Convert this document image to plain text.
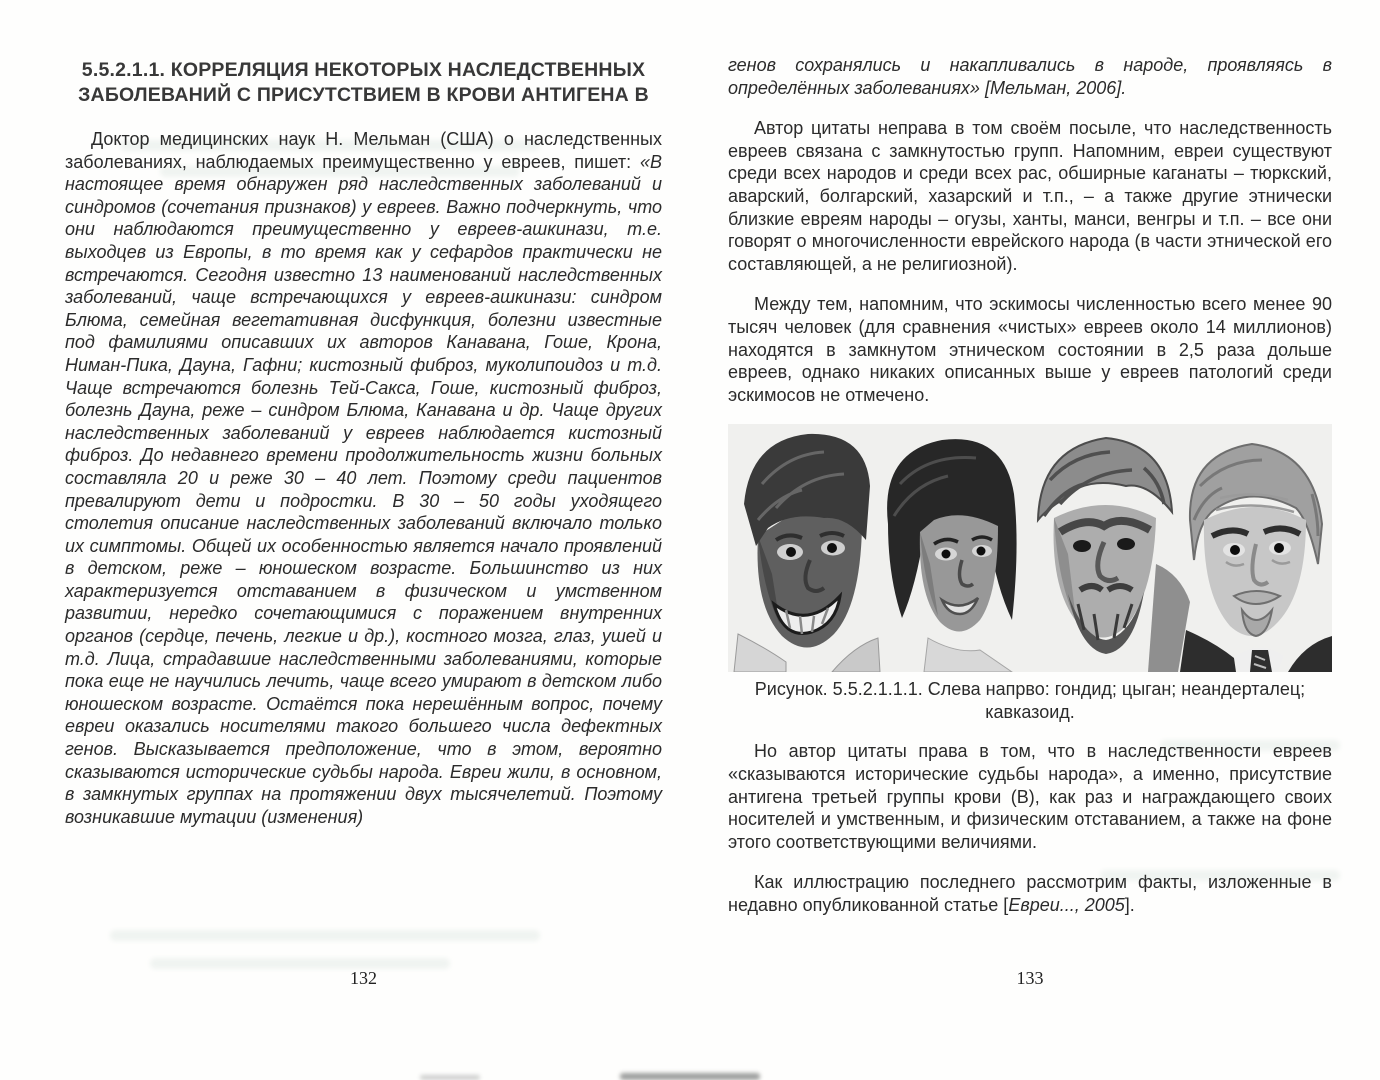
5.5.2.1.1. КОРРЕЛЯЦИЯ НЕКОТОРЫХ НАСЛЕДСТВЕННЫХ ЗАБОЛЕВАНИЙ С ПРИСУТСТВИЕМ В КРОВИ АНТИГЕНА В

Доктор медицинских наук Н. Мельман (США) о наследственных заболеваниях, наблюдаемых преимущественно у евреев, пишет: «В настоящее время обнаружен ряд наследственных заболеваний и синдромов (сочетания признаков) у евреев. Важно подчеркнуть, что они наблюдаются преимущественно у евреев-ашкинази, т.е. выходцев из Европы, в то время как у сефардов практически не встречаются. Сегодня известно 13 наименований наследственных заболеваний, чаще встречающихся у евреев-ашкинази: синдром Блюма, семейная вегетативная дисфункция, болезни известные под фамилиями описавших их авторов Канавана, Гоше, Крона, Ниман-Пика, Дауна, Гафни; кистозный фиброз, муколипоидоз и т.д. Чаще встречаются болезнь Тей-Сакса, Гоше, кистозный фиброз, болезнь Дауна, реже – синдром Блюма, Канавана и др. Чаще других наследственных заболеваний у евреев наблюдается кистозный фиброз. До недавнего времени продолжительность жизни больных составляла 20 и реже 30 – 40 лет. Поэтому среди пациентов превалируют дети и подростки. В 30 – 50 годы уходящего столетия описание наследственных заболеваний включало только их симптомы. Общей их особенностью является начало проявлений в детском, реже – юношеском возрасте. Большинство из них характеризуется отставанием в физическом и умственном развитии, нередко сочетающимися с поражением внутренних органов (сердце, печень, легкие и др.), костного мозга, глаз, ушей и т.д. Лица, страдавшие наследственными заболеваниями, которые пока еще не научились лечить, чаще всего умирают в детском либо юношеском возрасте. Остаётся пока нерешённым вопрос, почему евреи оказались носителями такого большего числа дефектных генов. Высказывается предположение, что в этом, вероятно сказываются исторические судьбы народа. Евреи жили, в основном, в замкнутых группах на протяжении двух тысячелетий. Поэтому возникавшие мутации (изменения)

132

генов сохранялись и накапливались в народе, проявляясь в определённых заболеваниях» [Мельман, 2006].

Автор цитаты неправа в том своём посыле, что наследственность евреев связана с замкнутостью групп. Напомним, евреи существуют среди всех народов и среди всех рас, обширные каганаты – тюркский, аварский, болгарский, хазарский и т.п., – а также другие этнически близкие евреям народы – огузы, ханты, манси, венгры и т.п. – все они говорят о многочисленности еврейского народа (в части этнической его составляющей, а не религиозной).

Между тем, напомним, что эскимосы численностью всего менее 90 тысяч человек (для сравнения «чистых» евреев около 14 миллионов) находятся в замкнутом этническом состоянии в 2,5 раза дольше евреев, однако никаких описанных выше у евреев патологий среди эскимосов не отмечено.

Рисунок. 5.5.2.1.1.1. Слева напрво: гондид; цыган; неандерталец; кавказоид.

Но автор цитаты права в том, что в наследственности евреев «сказываются исторические судьбы народа», а именно, присутствие антигена третьей группы крови (В), как раз и награждающего своих носителей и умственным, и физическим отставанием, а также на фоне этого соответствующими величиями.

Как иллюстрацию последнего рассмотрим факты, изложенные в недавно опубликованной статье [Евреи..., 2005].

133
